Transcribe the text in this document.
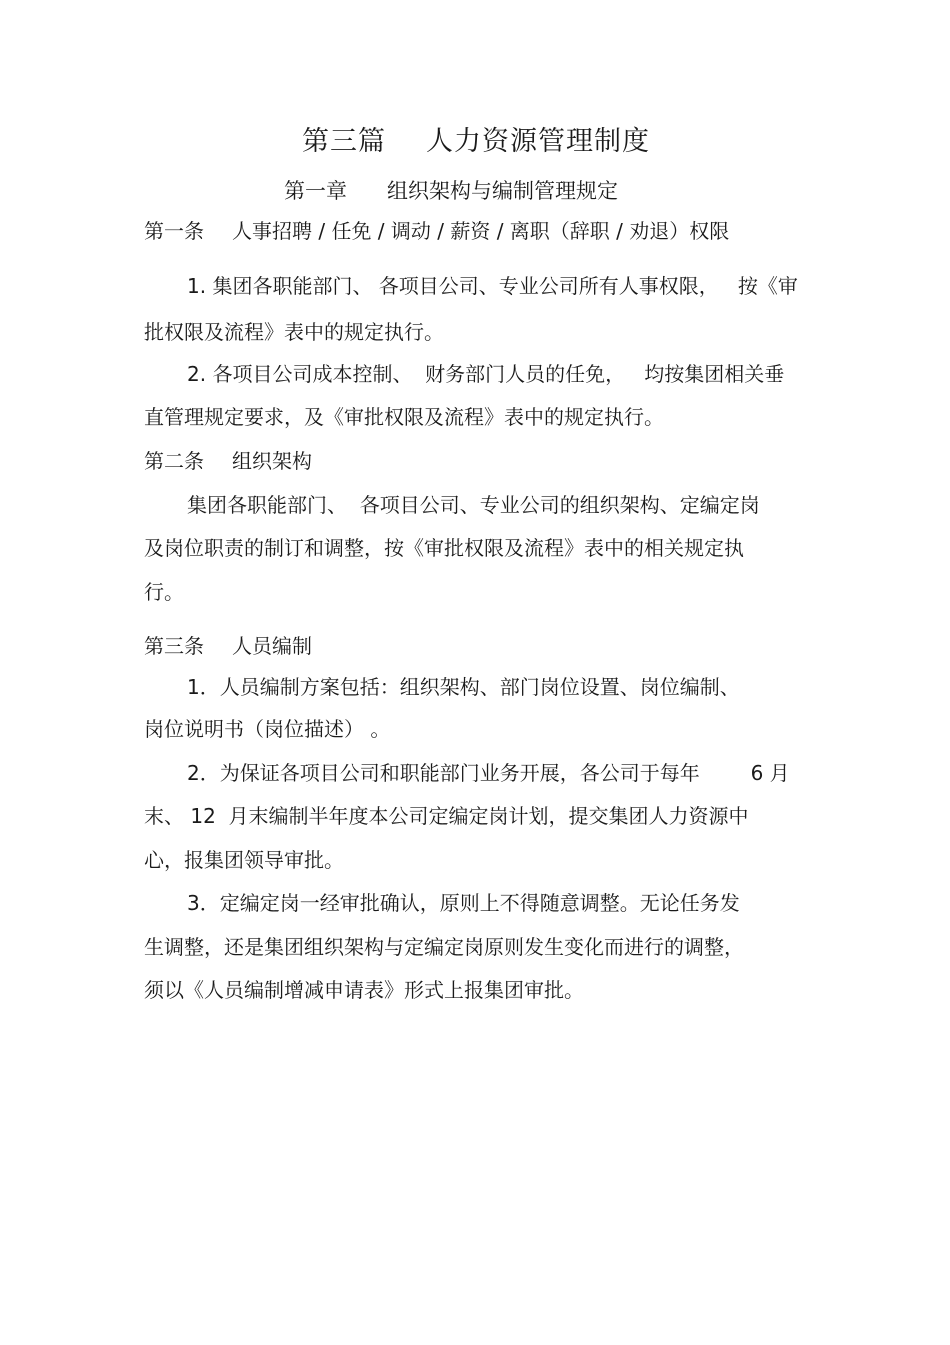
第三篇 人力资源管理制度
第一章 组织架构与编制管理规定
第一条 人事招聘 / 任免 / 调动 / 薪资 / 离职（辞职 / 劝退）权限
1. 集团各职能部门、 各项目公司、专业公司所有人事权限，   按《审
批权限及流程》表中的规定执行。
2. 各项目公司成本控制、  财务部门人员的任免，   均按集团相关垂
直管理规定要求，及《审批权限及流程》表中的规定执行。
第二条 组织架构
集团各职能部门、  各项目公司、专业公司的组织架构、定编定岗
及岗位职责的制订和调整，按《审批权限及流程》表中的相关规定执
行。
第三条 人员编制
1．人员编制方案包括：组织架构、部门岗位设置、岗位编制、
岗位说明书（岗位描述） 。
2．为保证各项目公司和职能部门业务开展，各公司于每年        6 月
末、 12  月末编制半年度本公司定编定岗计划，提交集团人力资源中
心，报集团领导审批。
3．定编定岗一经审批确认，原则上不得随意调整。无论任务发
生调整，还是集团组织架构与定编定岗原则发生变化而进行的调整，
须以《人员编制增减申请表》形式上报集团审批。
